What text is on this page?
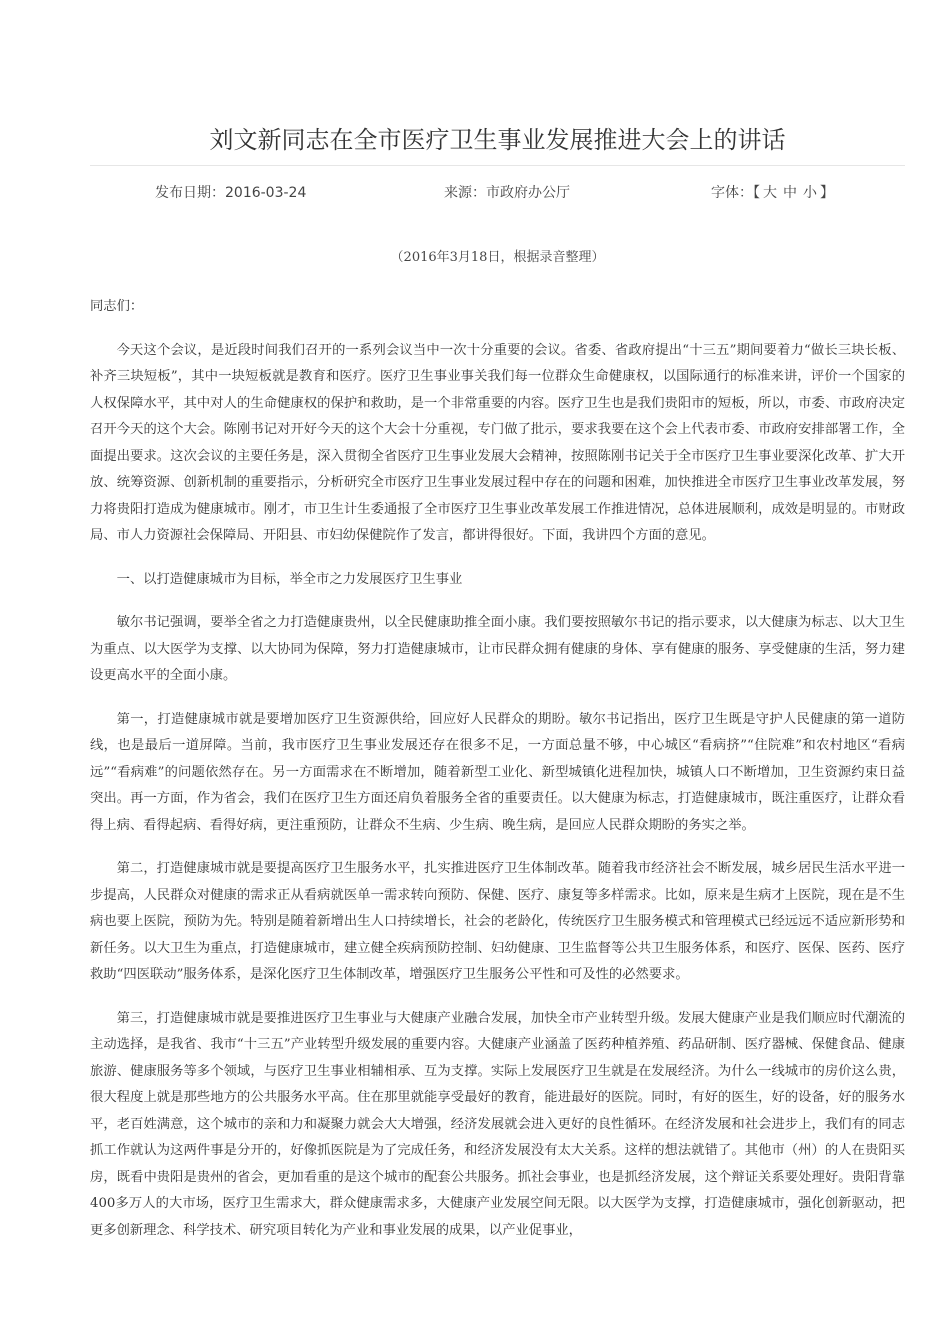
刘文新同志在全市医疗卫生事业发展推进大会上的讲话
发布日期：2016-03-24	来源：市政府办公厅	字体：【 大 中 小 】
（2016年3月18日，根据录音整理）

同志们：

今天这个会议，是近段时间我们召开的一系列会议当中一次十分重要的会议。省委、省政府提出“十三五”期间要着力“做长三块长板、补齐三块短板”，其中一块短板就是教育和医疗。医疗卫生事业事关我们每一位群众生命健康权，以国际通行的标准来讲，评价一个国家的人权保障水平，其中对人的生命健康权的保护和救助，是一个非常重要的内容。医疗卫生也是我们贵阳市的短板，所以，市委、市政府决定召开今天的这个大会。陈刚书记对开好今天的这个大会十分重视，专门做了批示，要求我要在这个会上代表市委、市政府安排部署工作，全面提出要求。这次会议的主要任务是，深入贯彻全省医疗卫生事业发展大会精神，按照陈刚书记关于全市医疗卫生事业要深化改革、扩大开放、统筹资源、创新机制的重要指示，分析研究全市医疗卫生事业发展过程中存在的问题和困难，加快推进全市医疗卫生事业改革发展，努力将贵阳打造成为健康城市。刚才，市卫生计生委通报了全市医疗卫生事业改革发展工作推进情况，总体进展顺利，成效是明显的。市财政局、市人力资源社会保障局、开阳县、市妇幼保健院作了发言，都讲得很好。下面，我讲四个方面的意见。

一、以打造健康城市为目标，举全市之力发展医疗卫生事业

敏尔书记强调，要举全省之力打造健康贵州，以全民健康助推全面小康。我们要按照敏尔书记的指示要求，以大健康为标志、以大卫生为重点、以大医学为支撑、以大协同为保障，努力打造健康城市，让市民群众拥有健康的身体、享有健康的服务、享受健康的生活，努力建设更高水平的全面小康。

第一，打造健康城市就是要增加医疗卫生资源供给，回应好人民群众的期盼。敏尔书记指出，医疗卫生既是守护人民健康的第一道防线，也是最后一道屏障。当前，我市医疗卫生事业发展还存在很多不足，一方面总量不够，中心城区“看病挤”“住院难”和农村地区“看病远”“看病难”的问题依然存在。另一方面需求在不断增加，随着新型工业化、新型城镇化进程加快，城镇人口不断增加，卫生资源约束日益突出。再一方面，作为省会，我们在医疗卫生方面还肩负着服务全省的重要责任。以大健康为标志，打造健康城市，既注重医疗，让群众看得上病、看得起病、看得好病，更注重预防，让群众不生病、少生病、晚生病，是回应人民群众期盼的务实之举。

第二，打造健康城市就是要提高医疗卫生服务水平，扎实推进医疗卫生体制改革。随着我市经济社会不断发展，城乡居民生活水平进一步提高，人民群众对健康的需求正从看病就医单一需求转向预防、保健、医疗、康复等多样需求。比如，原来是生病才上医院，现在是不生病也要上医院，预防为先。特别是随着新增出生人口持续增长，社会的老龄化，传统医疗卫生服务模式和管理模式已经远远不适应新形势和新任务。以大卫生为重点，打造健康城市，建立健全疾病预防控制、妇幼健康、卫生监督等公共卫生服务体系，和医疗、医保、医药、医疗救助“四医联动”服务体系，是深化医疗卫生体制改革，增强医疗卫生服务公平性和可及性的必然要求。

第三，打造健康城市就是要推进医疗卫生事业与大健康产业融合发展，加快全市产业转型升级。发展大健康产业是我们顺应时代潮流的主动选择，是我省、我市“十三五”产业转型升级发展的重要内容。大健康产业涵盖了医药种植养殖、药品研制、医疗器械、保健食品、健康旅游、健康服务等多个领域，与医疗卫生事业相辅相承、互为支撑。实际上发展医疗卫生就是在发展经济。为什么一线城市的房价这么贵，很大程度上就是那些地方的公共服务水平高。住在那里就能享受最好的教育，能进最好的医院。同时，有好的医生，好的设备，好的服务水平，老百姓满意，这个城市的亲和力和凝聚力就会大大增强，经济发展就会进入更好的良性循环。在经济发展和社会进步上，我们有的同志抓工作就认为这两件事是分开的，好像抓医院是为了完成任务，和经济发展没有太大关系。这样的想法就错了。其他市（州）的人在贵阳买房，既看中贵阳是贵州的省会，更加看重的是这个城市的配套公共服务。抓社会事业，也是抓经济发展，这个辩证关系要处理好。贵阳背靠400多万人的大市场，医疗卫生需求大，群众健康需求多，大健康产业发展空间无限。以大医学为支撑，打造健康城市，强化创新驱动，把更多创新理念、科学技术、研究项目转化为产业和事业发展的成果，以产业促事业，
